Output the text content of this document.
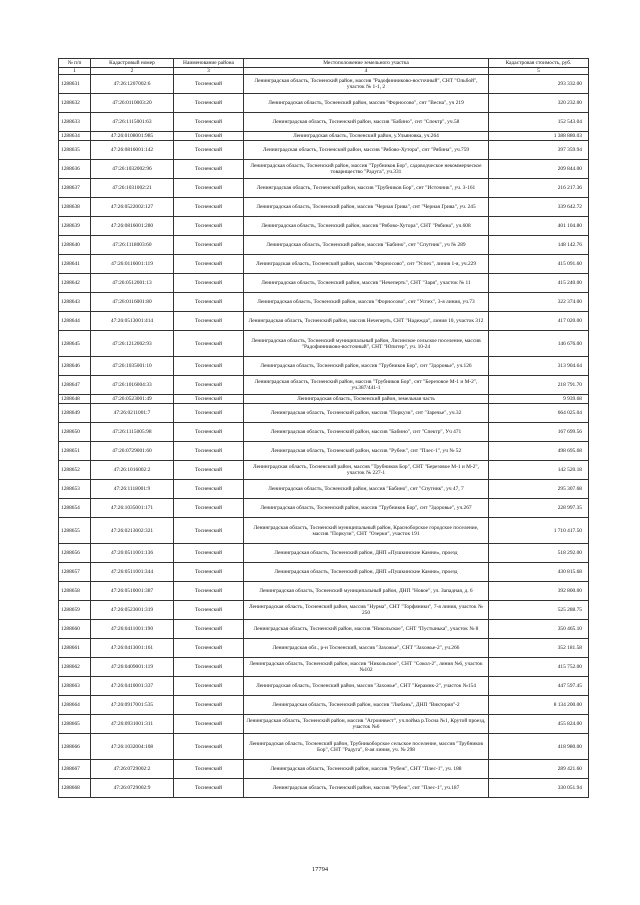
№ п/п	Кадастровый номер	Наименование района	Местоположение земельного участка	Кадастровая стоимость, руб.
1	2	3	4	5
1288631	47:26:1207002:6	Тосненский	Ленинградская область, Тосненский район, массив "Радофинниково-восточный", СНТ "Ольбой", участок № 1-1, 2	293 332.00
1288632	47:26:0110003:20	Тосненский	Ленинградская область, Тосненский район, массив "Форносово", снт "Весна", уч 219	320 232.00
1288633	47:26:1115001:63	Тосненский	Ленинградская область, Тосненский район, массив "Бабино", снт "Спектр", уч.58	152 543.04
1288634	47:26:0108001:985	Тосненский	Ленинградская область, Тосненский район, у.Ульяновка, уч.264	1 388 880.03
1288635	47:26:0816001:142	Тосненский	Ленинградская область, Тосненский район, массив "Рябово-Хутора", снт "Рябина", уч.759	397 359.94
1288636	47:26:1032002:96	Тосненский	Ленинградская область, Тосненский район, массив "Трубников Бор", садоводческое некоммерческое товарищество "Радуга", уч.331	209 844.00
1288637	47:26:1031002:21	Тосненский	Ленинградская область, Тосненский район, массив "Трубников Бор", снт "Источник", уч. 3-161	216 217.36
1288638	47:26:0522002:127	Тосненский	Ленинградская область, Тосненский район, массив "Черная Грива", снт "Черная Грива", уч. 245	339 642.72
1288639	47:26:0816001:280	Тосненский	Ленинградская область, Тосненский район, массив "Рябово-Хутора", СНТ "Рябина", уч.608	401 104.80
1288640	47:26:1118003:60	Тосненский	Ленинградская область, Тосненский район, массив "Бабино", снт "Спутник", уч № 289	148 142.76
1288641	47:26:0116001:119	Тосненский	Ленинградская область, Тосненский район, массив "Форносово", снт "Успех", линия 1-я, уч.229	415 091.60
1288642	47:26:0512001:13	Тосненский	Ленинградская область, Тосненский район, массив "Нечеперть", СНТ "Заря", участок № 11	415 240.00
1288643	47:26:0116001:80	Тосненский	Ленинградская область, Тосненский район, массив "Форносово", снт "Успех", 3-я линия, уч.73	322 374.00
1288644	47:26:0513001:414	Тосненский	Ленинградская область, Тосненский район, массив Нечеперть, СНТ "Надежда", линия 10, участок 312	417 020.00
1288645	47:26:1212002:93	Тосненский	Ленинградская область, Тосненский муниципальный район, Лисинское сельское поселение, массив "Радофинниково-восточный", СНТ "Юпитер", уч. 10-24	146 676.00
1288646	47:26:1035001:10	Тосненский	Ленинградская область, Тосненский район, массив "Трубников Бор", снт "Здоровье", уч.126	313 904.64
1288647	47:26:1016004:33	Тосненский	Ленинградская область, Тосненский район, массив "Трубников Бор", снт "Березовое М-1 и М-2", уч.387/441-1	218 791.70
1288648	47:26:0523001:49	Тосненский	Ленинградская область, Тосненский район, земельная часть	9 939.68
1288649	47:26:0211001:7	Тосненский	Ленинградская область, Тосненский район, массив "Поркузи", снт "Заречье", уч.32	664 025.04
1288650	47:26:1115005:98	Тосненский	Ленинградская область, Тосненский район, массив "Бабино", снт "Спектр", Уч 471	167 699.56
1288651	47:26:0729001:60	Тосненский	Ленинградская область, Тосненский район, массив "Рубеж", снт "Плес-1", уч № 52	498 695.68
1288652	47:26:1016002:2	Тосненский	Ленинградская область, Тосненский район, массив "Трубников Бор", СНТ "Березовое М-1 и М-2", участок № 227-1	142 520.18
1288653	47:26:1118001:9	Тосненский	Ленинградская область, Тосненский район, массив "Бабино", снт "Спутник", уч 47, 7	295 307.68
1288654	47:26:1035001:171	Тосненский	Ленинградская область, Тосненский район, массив "Трубников Бор", снт "Здоровье", уч.267	228 997.35
1288655	47:26:0213002:321	Тосненский	Ленинградская область, Тосненский муниципальный район, Красноборское городское поселение, массив "Поркузи", СНТ "Озерки", участок 191	1 710 417.50
1288656	47:26:0511001:136	Тосненский	Ленинградская область, Тосненский район, ДНП «Пушкинские Камни», проезд	518 292.00
1288657	47:26:0511001:344	Тосненский	Ленинградская область, Тосненский район, ДНП «Пушкинские Камни», проезд	430 815.68
1288658	47:26:0510001:387	Тосненский	Ленинградская область, Тосненский муниципальный район, ДНП "Новое", ул. Западная, д. 6	392 800.00
1288659	47:26:0523001:319	Тосненский	Ленинградская область, Тосненский район, массив "Нурма", СНТ "Торфяники", 7-я линия, участок № 250	525 288.75
1288660	47:26:0411001:190	Тосненский	Ленинградская область, Тосненский район, массив "Никольское", СНТ "Пустынька", участок № 8	350 465.10
1288661	47:26:0413001:161	Тосненский	Ленинградская обл., р-н Тосненский, массив "Захожье", СНТ "Захожье-2", уч.266	352 181.58
1288662	47:26:0409001:119	Тосненский	Ленинградская область, Тосненский район, массив "Никольское", СНТ "Сокол-2", линия №6, участок №102	415 752.00
1288663	47:26:0410001:337	Тосненский	Ленинградская область, Тосненский район, массив "Захожье", СНТ "Керамик-2", участок №154	447 597.45
1288664	47:26:0917001:535	Тосненский	Ленинградская область, Тосненский район, массив "Любань", ДНП "Виктория"-2	8 134 200.00
1288665	47:26:0931001:311	Тосненский	Ленинградская область, Тосненский район, массив "Агроинвест", уч.пойма р.Тосна №1, Крутой проезд, участок №6	455 824.00
1288666	47:26:1032004:108	Тосненский	Ленинградская область, Тосненский район, Трубникоборское сельское поселение, массив "Трубников Бор", СНТ "Радуга", 8-ая линия, уч. № 298	418 980.00
1288667	47:26:0729002:2	Тосненский	Ленинградская область, Тосненский район, массив "Рубеж", СНТ "Плес-1", уч. 188	289 421.60
1288668	47:26:0729002:9	Тосненский	Ленинградская область, Тосненский район, массив "Рубеж", снт "Плес-1", уч.187	330 051.94
17794
